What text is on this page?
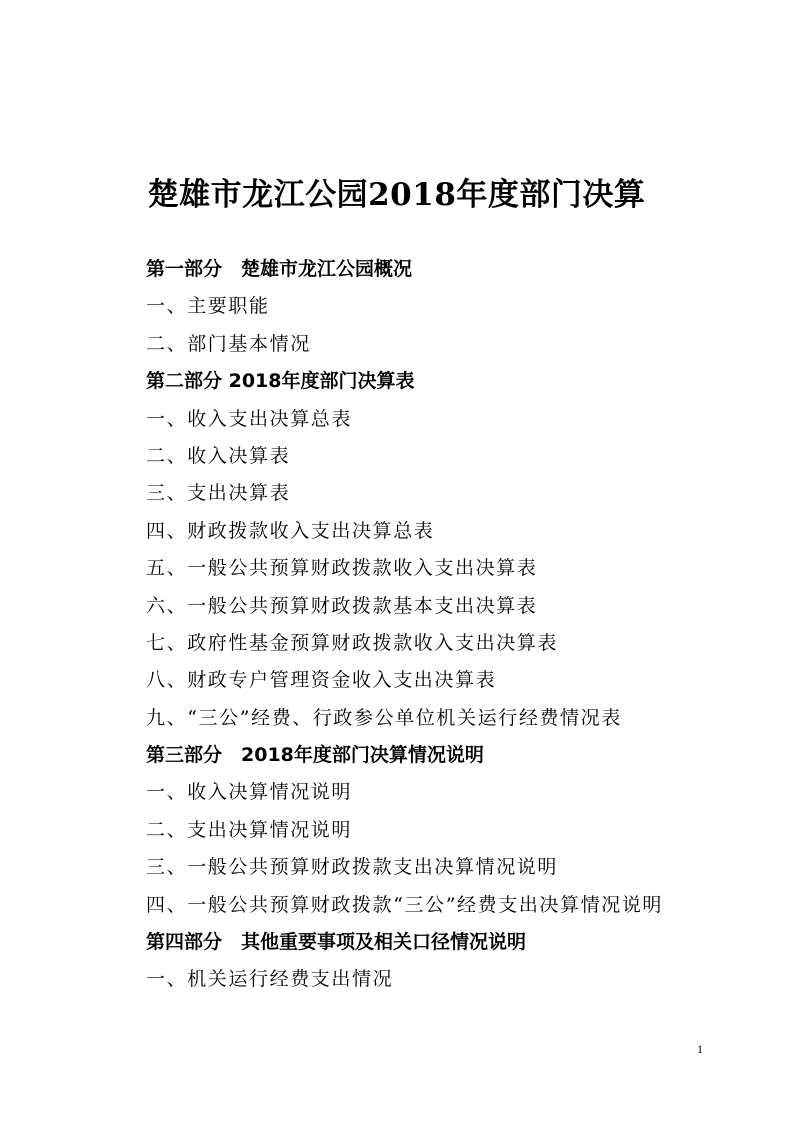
楚雄市龙江公园2018年度部门决算
第一部分　楚雄市龙江公园概况
一、主要职能
二、部门基本情况
第二部分 2018年度部门决算表
一、收入支出决算总表
二、收入决算表
三、支出决算表
四、财政拨款收入支出决算总表
五、一般公共预算财政拨款收入支出决算表
六、一般公共预算财政拨款基本支出决算表
七、政府性基金预算财政拨款收入支出决算表
八、财政专户管理资金收入支出决算表
九、“三公”经费、行政参公单位机关运行经费情况表
第三部分　2018年度部门决算情况说明
一、收入决算情况说明
二、支出决算情况说明
三、一般公共预算财政拨款支出决算情况说明
四、一般公共预算财政拨款“三公”经费支出决算情况说明
第四部分　其他重要事项及相关口径情况说明
一、机关运行经费支出情况
1
